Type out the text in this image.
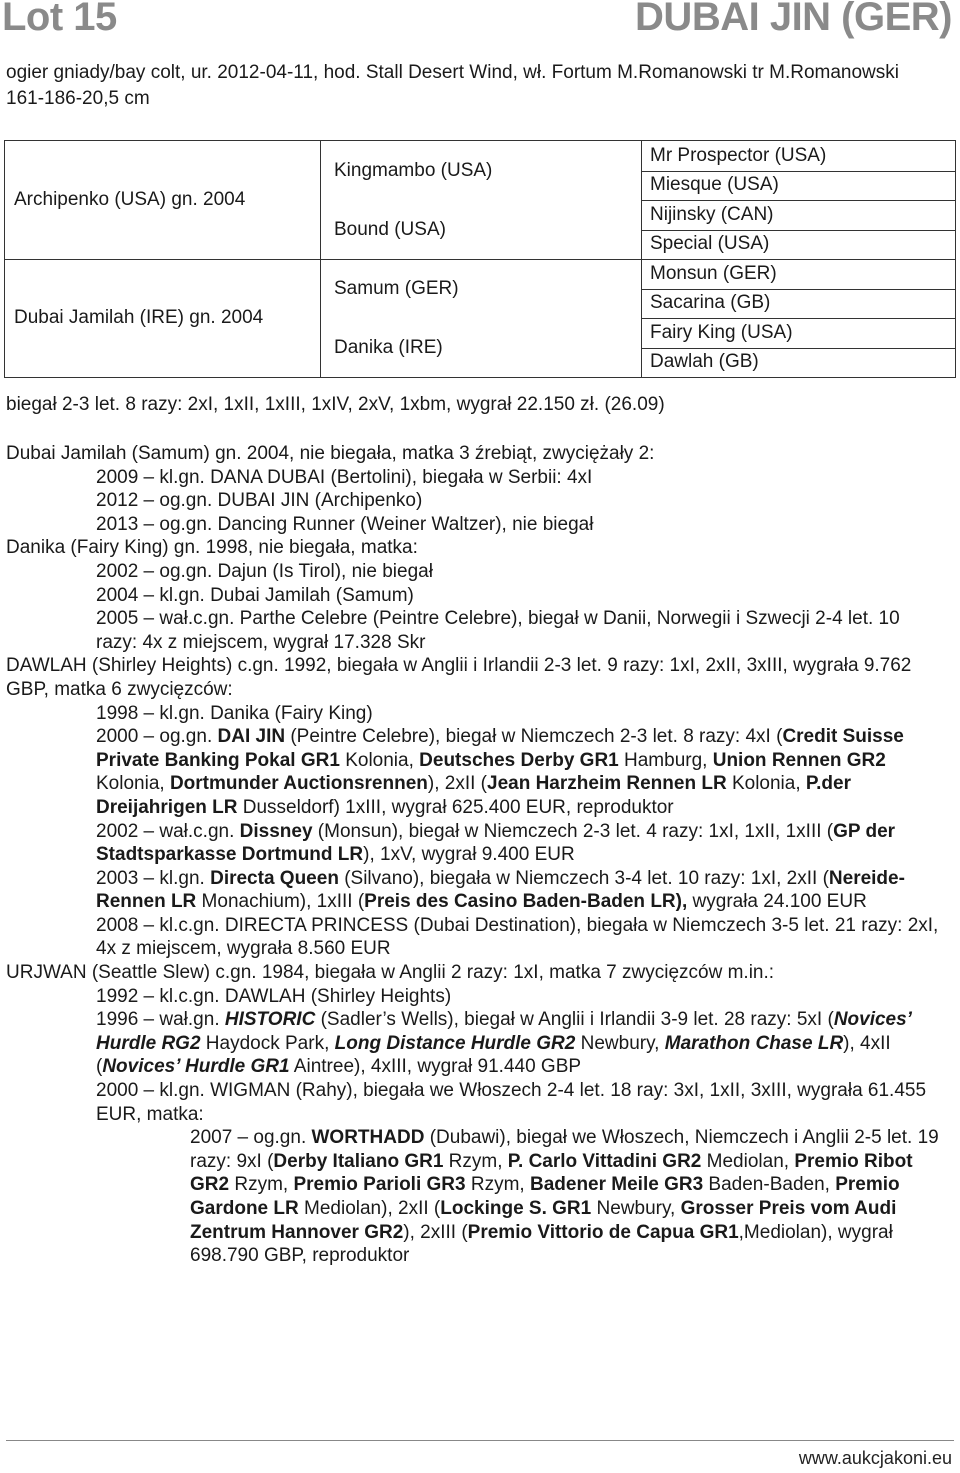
Lot 15	DUBAI JIN (GER)
ogier gniady/bay colt, ur. 2012-04-11, hod. Stall Desert Wind, wł. Fortum M.Romanowski tr M.Romanowski 161-186-20,5 cm
Archipenko (USA) gn. 2004
Dubai Jamilah (IRE) gn. 2004
Kingmambo (USA)
Bound (USA)
Samum (GER)
Danika (IRE)
Mr Prospector (USA)
Miesque (USA)
Nijinsky (CAN)
Special (USA)
Monsun (GER)
Sacarina (GB)
Fairy King (USA)
Dawlah (GB)
biegał 2-3 let. 8 razy: 2xI, 1xII, 1xIII, 1xIV, 2xV, 1xbm, wygrał 22.150 zł. (26.09)
Dubai Jamilah (Samum) gn. 2004, nie biegała, matka 3 źrebiąt, zwyciężały 2:
2009 – kl.gn. DANA DUBAI (Bertolini), biegała w Serbii: 4xI
2012 – og.gn. DUBAI JIN (Archipenko)
2013 – og.gn. Dancing Runner (Weiner Waltzer), nie biegał
Danika (Fairy King) gn. 1998, nie biegała, matka:
2002 – og.gn. Dajun (Is Tirol), nie biegał
2004 – kl.gn. Dubai Jamilah (Samum)
2005 – wał.c.gn. Parthe Celebre (Peintre Celebre), biegał w Danii, Norwegii i Szwecji 2-4 let. 10 razy: 4x z miejscem, wygrał 17.328 Skr
DAWLAH (Shirley Heights) c.gn. 1992, biegała w Anglii i Irlandii 2-3 let. 9 razy: 1xI, 2xII, 3xIII, wygrała 9.762 GBP, matka 6 zwycięzców:
1998 – kl.gn. Danika (Fairy King)
2000 – og.gn. DAI JIN (Peintre Celebre), biegał w Niemczech 2-3 let. 8 razy: 4xI (Credit Suisse Private Banking Pokal GR1 Kolonia, Deutsches Derby GR1 Hamburg, Union Rennen GR2 Kolonia, Dortmunder Auctionsrennen), 2xII (Jean Harzheim Rennen LR Kolonia, P.der Dreijahrigen LR Dusseldorf) 1xIII, wygrał 625.400 EUR, reproduktor
2002 – wał.c.gn. Dissney (Monsun), biegał w Niemczech 2-3 let. 4 razy: 1xI, 1xII, 1xIII (GP der Stadtsparkasse Dortmund LR), 1xV, wygrał 9.400 EUR
2003 – kl.gn. Directa Queen (Silvano), biegała w Niemczech 3-4 let. 10 razy: 1xI, 2xII (Nereide-Rennen LR Monachium), 1xIII (Preis des Casino Baden-Baden LR), wygrała 24.100 EUR
2008 – kl.c.gn. DIRECTA PRINCESS (Dubai Destination), biegała w Niemczech 3-5 let. 21 razy: 2xI, 4x z miejscem, wygrała 8.560 EUR
URJWAN (Seattle Slew) c.gn. 1984, biegała w Anglii 2 razy: 1xI, matka 7 zwycięzców m.in.:
1992 – kl.c.gn. DAWLAH (Shirley Heights)
1996 – wał.gn. HISTORIC (Sadler’s Wells), biegał w Anglii i Irlandii 3-9 let. 28 razy: 5xI (Novices’ Hurdle RG2 Haydock Park, Long Distance Hurdle GR2 Newbury, Marathon Chase LR), 4xII (Novices’ Hurdle GR1 Aintree), 4xIII, wygrał 91.440 GBP
2000 – kl.gn. WIGMAN (Rahy), biegała we Włoszech 2-4 let. 18 ray: 3xI, 1xII, 3xIII, wygrała 61.455 EUR, matka:
2007 – og.gn. WORTHADD (Dubawi), biegał we Włoszech, Niemczech i Anglii 2-5 let. 19 razy: 9xI (Derby Italiano GR1 Rzym, P. Carlo Vittadini GR2 Mediolan, Premio Ribot GR2 Rzym, Premio Parioli GR3 Rzym, Badener Meile GR3 Baden-Baden, Premio Gardone LR Mediolan), 2xII (Lockinge S. GR1 Newbury, Grosser Preis vom Audi Zentrum Hannover GR2), 2xIII (Premio Vittorio de Capua GR1,Mediolan), wygrał 698.790 GBP, reproduktor
www.aukcjakoni.eu
